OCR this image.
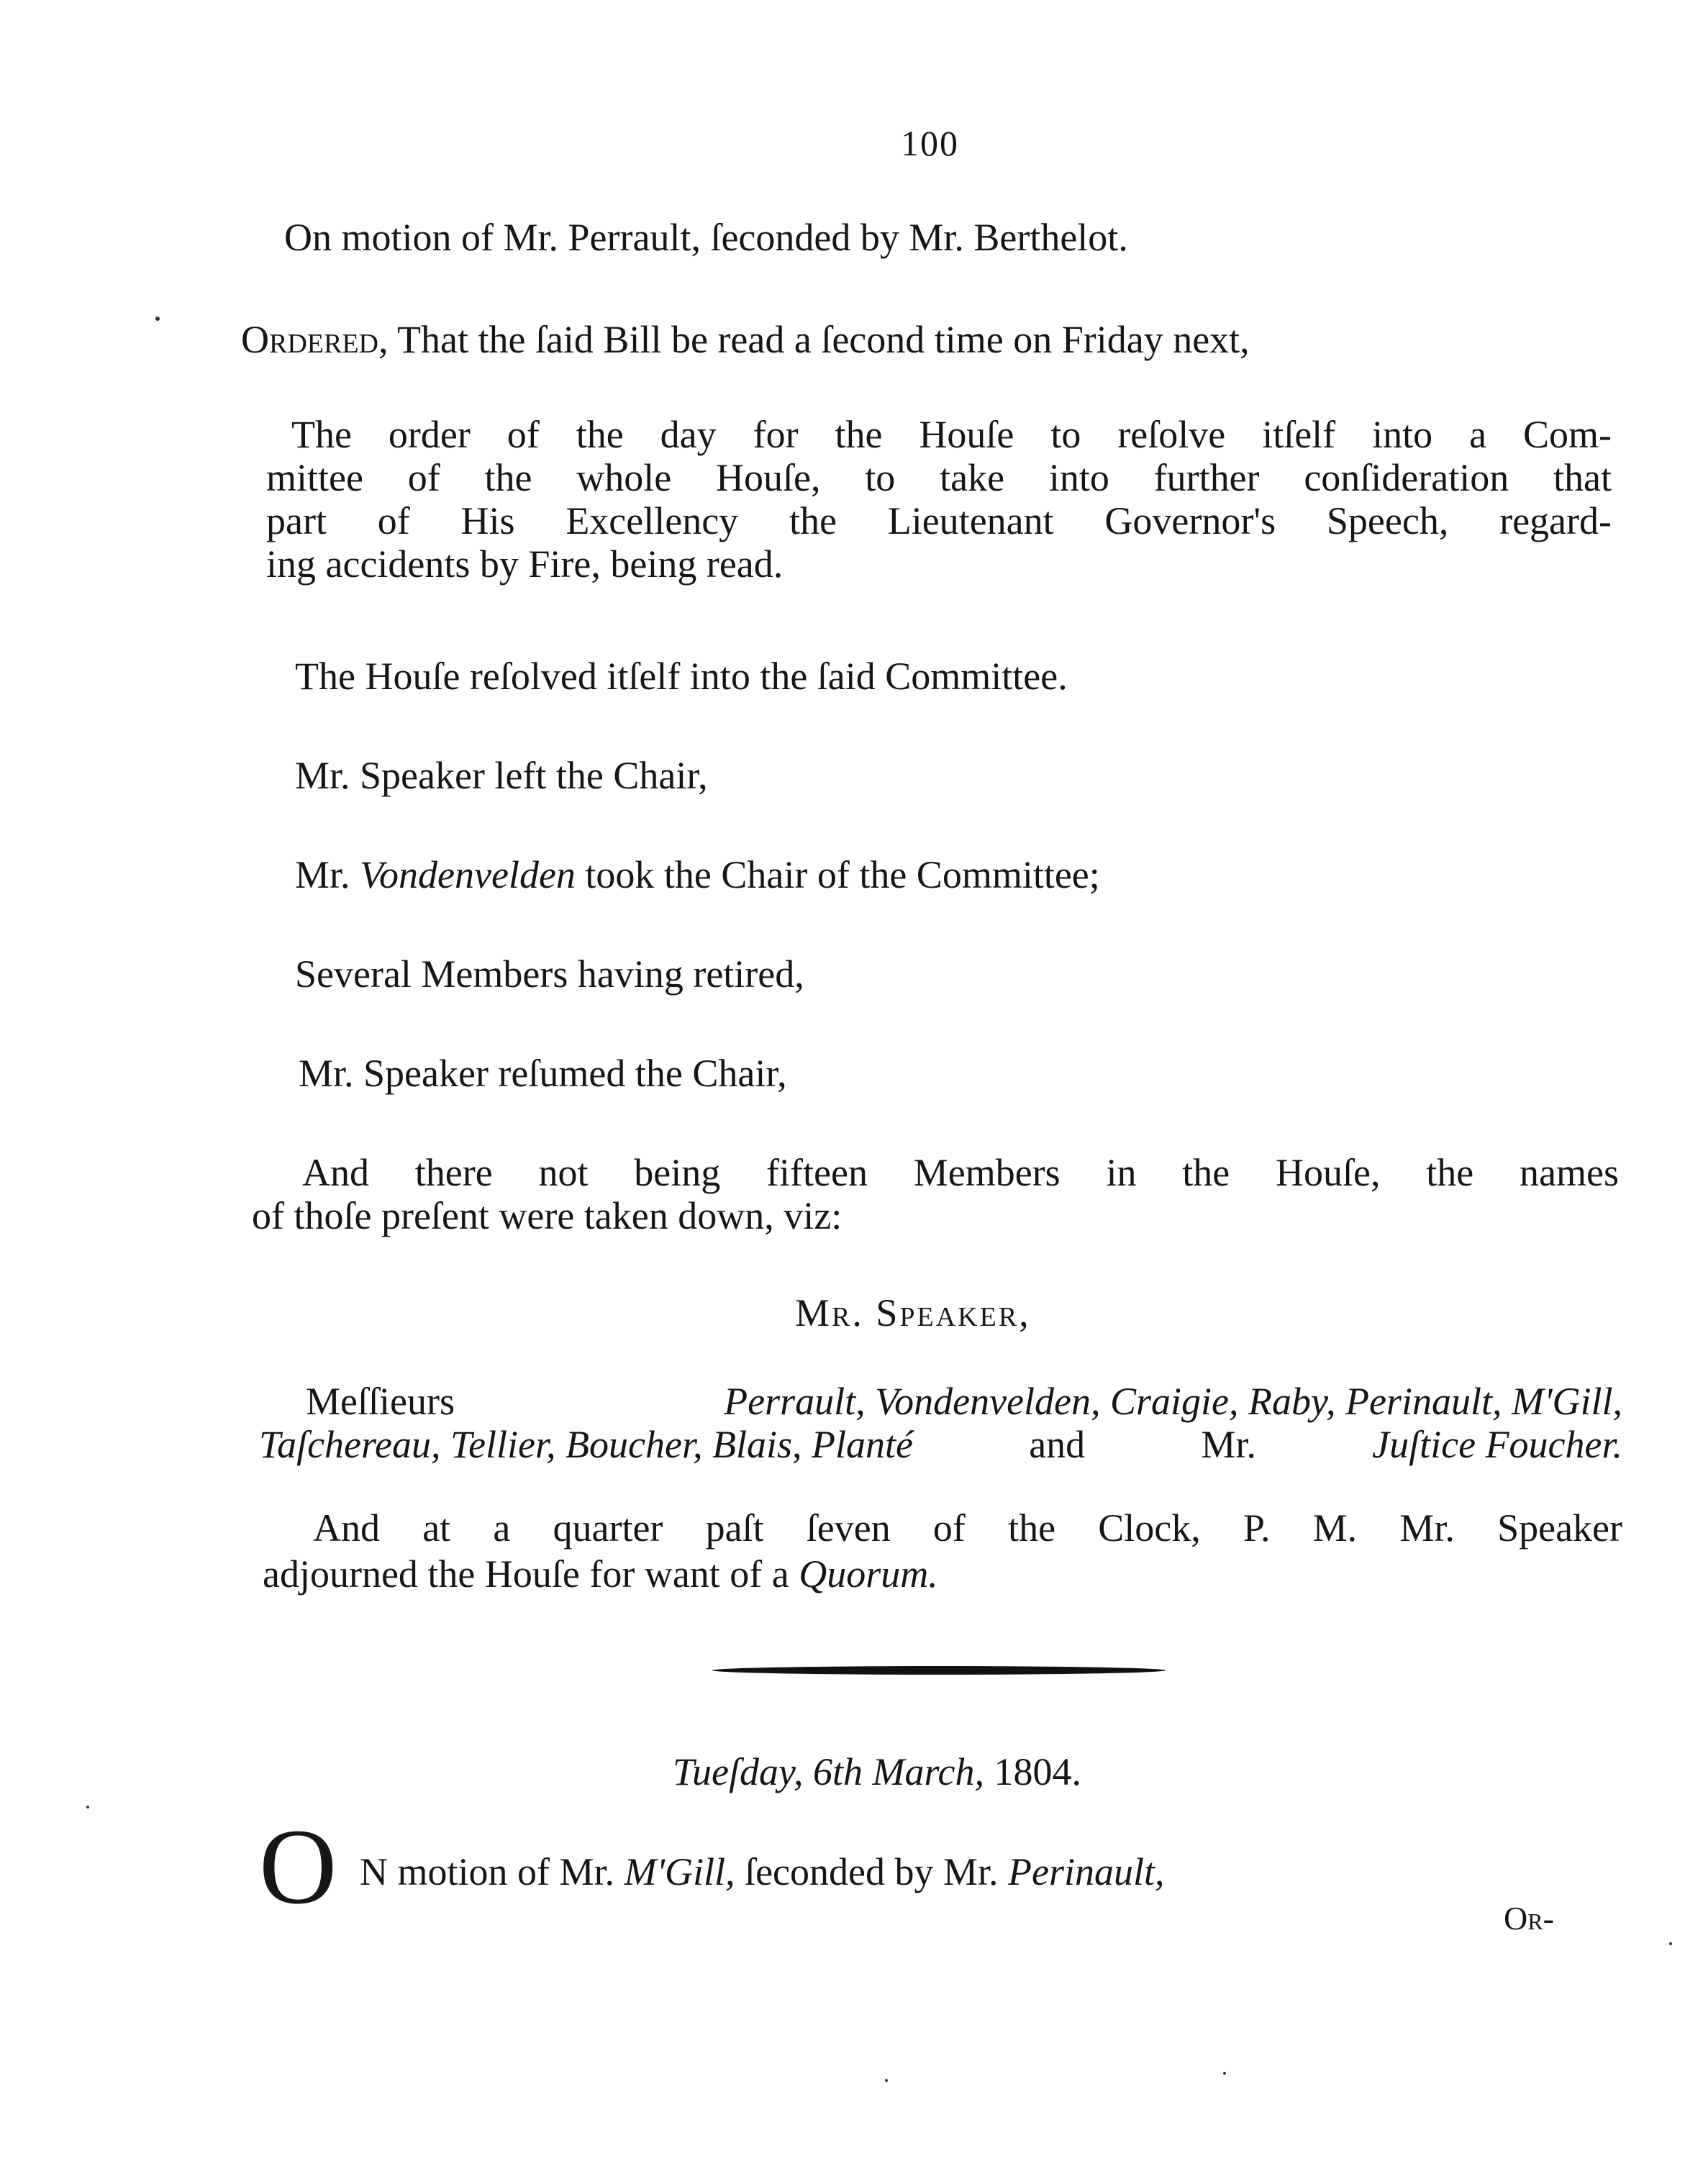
100
On motion of Mr. Perrault, ſeconded by Mr. Berthelot.
Ordered, That the ſaid Bill be read a ſecond time on Friday next,
The order of the day for the Houſe to reſolve itſelf into a Com-
mittee of the whole Houſe, to take into further conſideration that
part of His Excellency the Lieutenant Governor's Speech, regard-
ing accidents by Fire, being read.
The Houſe reſolved itſelf into the ſaid Committee.
Mr. Speaker left the Chair,
Mr. Vondenvelden took the Chair of the Committee;
Several Members having retired,
Mr. Speaker reſumed the Chair,
And there not being fifteen Members in the Houſe, the names
of thoſe preſent were taken down, viz:
Mr. Speaker,
Meſſieurs	Perrault, Vondenvelden, Craigie, Raby, Perinault, M'Gill,
Taſchereau, Tellier, Boucher, Blais, Planté	and	Mr.	Juſtice Foucher.
And at a quarter paſt ſeven of the Clock, P. M. Mr. Speaker
adjourned the Houſe for want of a Quorum.
Tueſday, 6th March, 1804.
O N motion of Mr. M'Gill, ſeconded by Mr. Perinault,
Or-
